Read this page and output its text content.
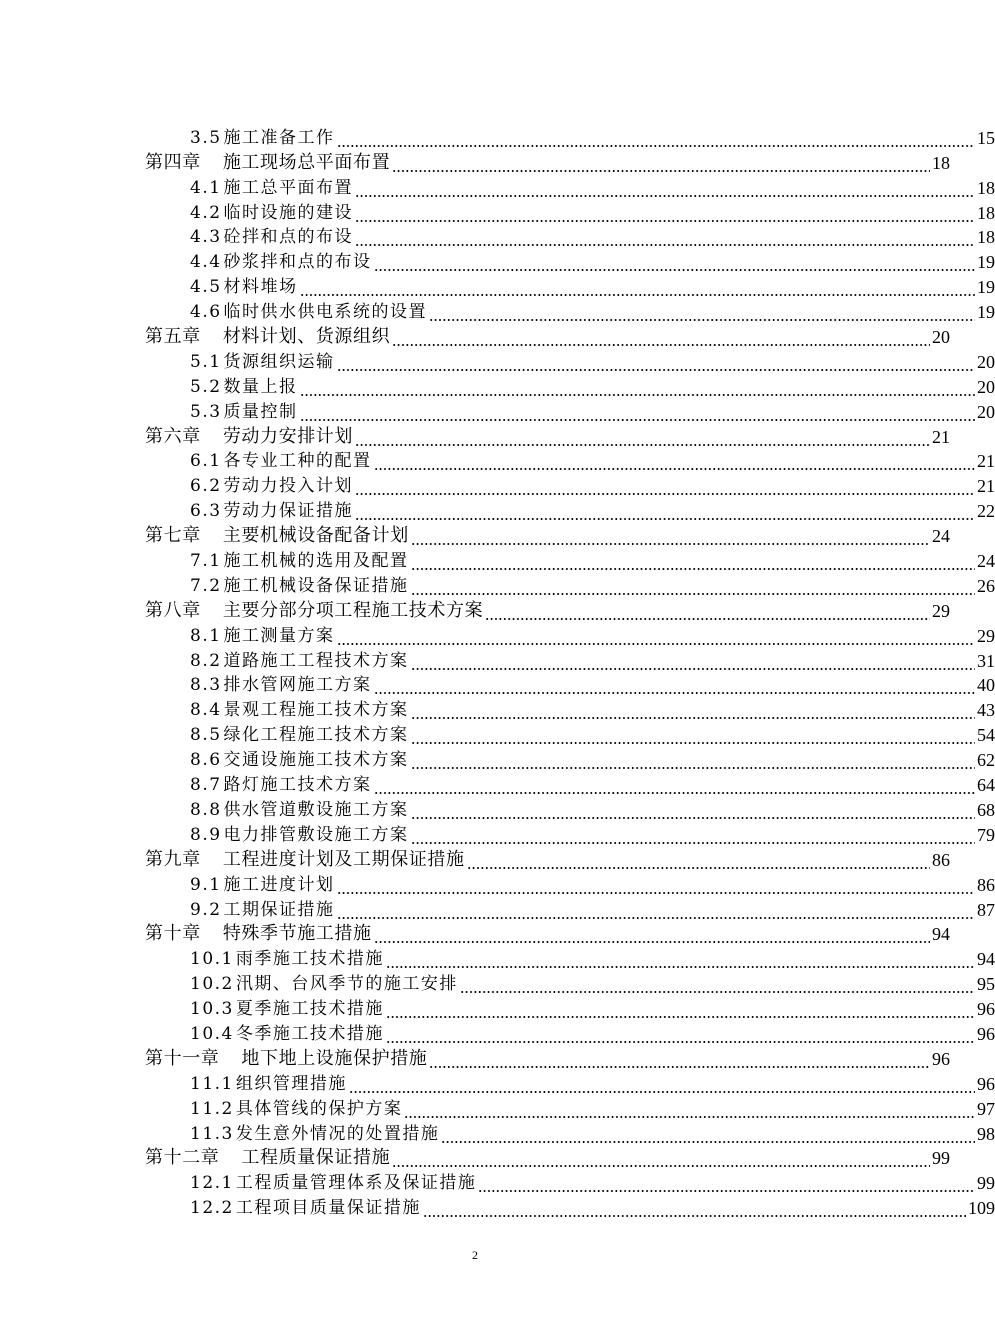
3.5 施工准备工作	15
第四章 施工现场总平面布置	18
4.1 施工总平面布置	18
4.2 临时设施的建设	18
4.3 砼拌和点的布设	18
4.4 砂浆拌和点的布设	19
4.5 材料堆场	19
4.6 临时供水供电系统的设置	19
第五章 材料计划、货源组织	20
5.1 货源组织运输	20
5.2 数量上报	20
5.3 质量控制	20
第六章 劳动力安排计划	21
6.1 各专业工种的配置	21
6.2 劳动力投入计划	21
6.3 劳动力保证措施	22
第七章 主要机械设备配备计划	24
7.1 施工机械的选用及配置	24
7.2 施工机械设备保证措施	26
第八章 主要分部分项工程施工技术方案	29
8.1 施工测量方案	29
8.2 道路施工工程技术方案	31
8.3 排水管网施工方案	40
8.4 景观工程施工技术方案	43
8.5 绿化工程施工技术方案	54
8.6 交通设施施工技术方案	62
8.7 路灯施工技术方案	64
8.8 供水管道敷设施工方案	68
8.9 电力排管敷设施工方案	79
第九章 工程进度计划及工期保证措施	86
9.1 施工进度计划	86
9.2 工期保证措施	87
第十章 特殊季节施工措施	94
10.1 雨季施工技术措施	94
10.2 汛期、台风季节的施工安排	95
10.3 夏季施工技术措施	96
10.4 冬季施工技术措施	96
第十一章 地下地上设施保护措施	96
11.1 组织管理措施	96
11.2 具体管线的保护方案	97
11.3 发生意外情况的处置措施	98
第十二章 工程质量保证措施	99
12.1 工程质量管理体系及保证措施	99
12.2 工程项目质量保证措施	109
2
